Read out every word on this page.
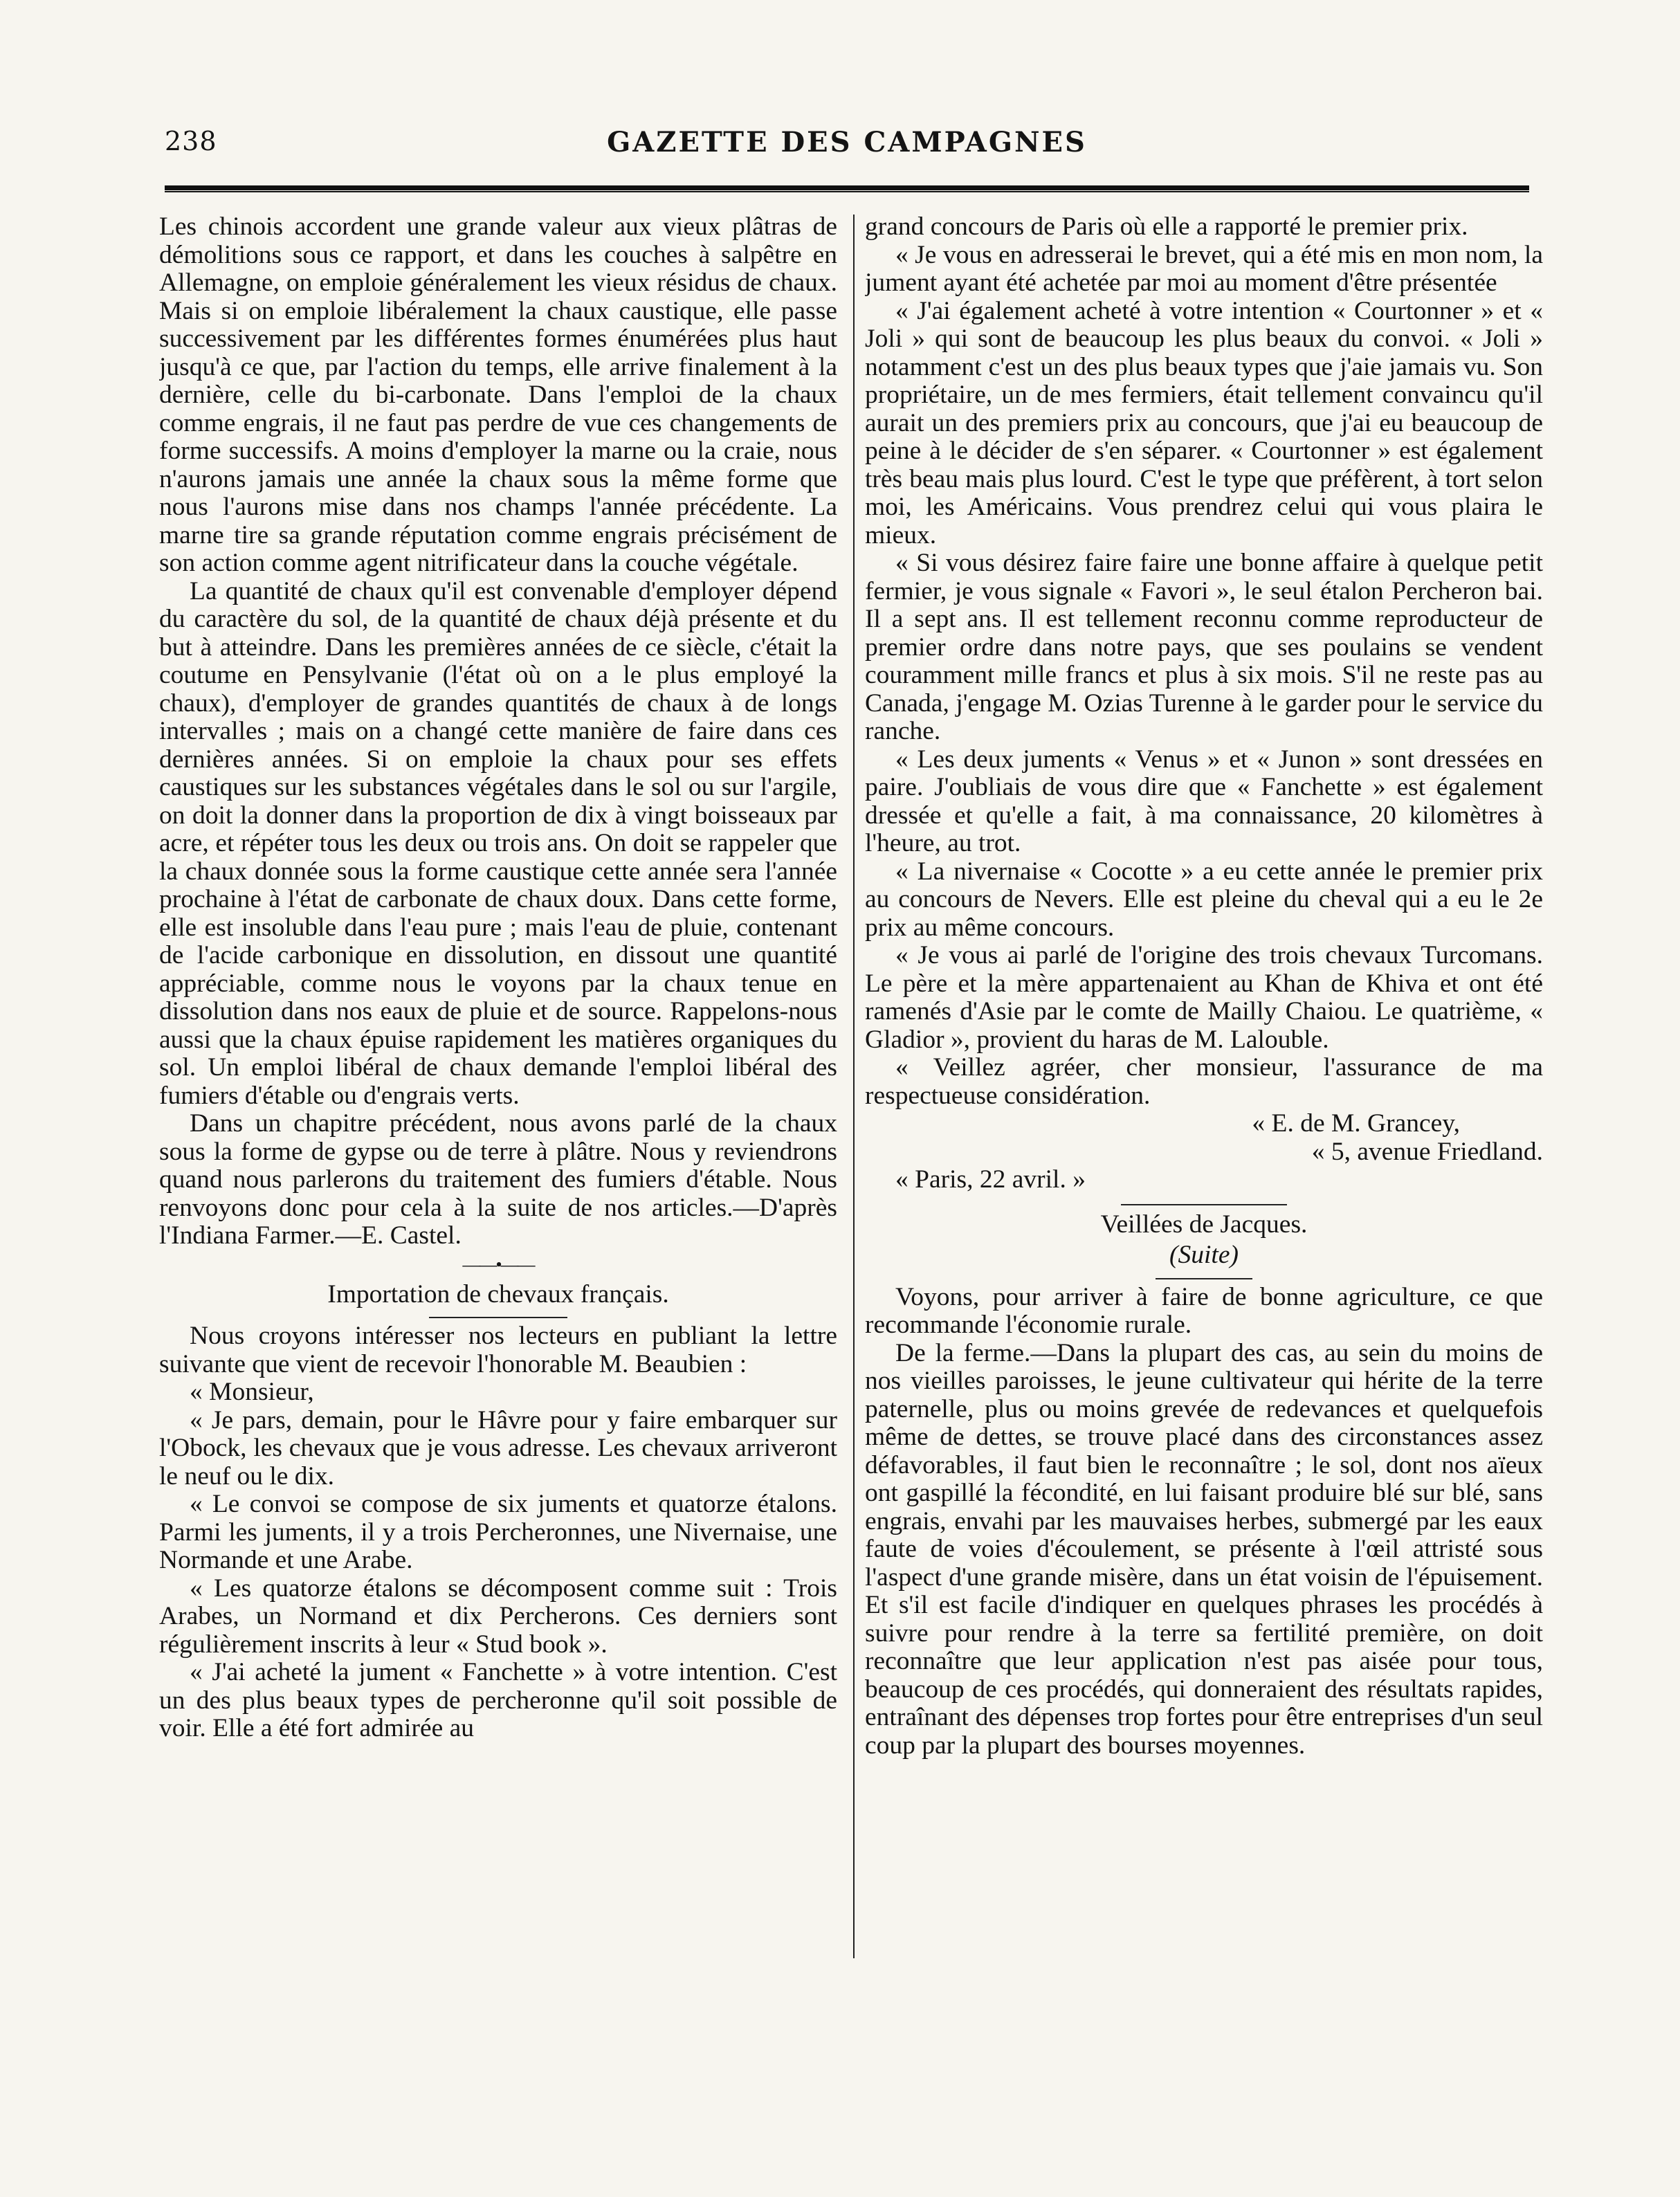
238	GAZETTE DES CAMPAGNES

Les chinois accordent une grande valeur aux vieux plâtras de démolitions sous ce rapport, et dans les couches à salpêtre en Allemagne, on emploie généralement les vieux résidus de chaux. Mais si on emploie libéralement la chaux caustique, elle passe successivement par les différentes formes énumérées plus haut jusqu'à ce que, par l'action du temps, elle arrive finalement à la dernière, celle du bi-carbonate. Dans l'emploi de la chaux comme engrais, il ne faut pas perdre de vue ces changements de forme successifs. A moins d'employer la marne ou la craie, nous n'aurons jamais une année la chaux sous la même forme que nous l'aurons mise dans nos champs l'année précédente. La marne tire sa grande réputation comme engrais précisément de son action comme agent nitrificateur dans la couche végétale.

La quantité de chaux qu'il est convenable d'employer dépend du caractère du sol, de la quantité de chaux déjà présente et du but à atteindre. Dans les premières années de ce siècle, c'était la coutume en Pensylvanie (l'état où on a le plus employé la chaux), d'employer de grandes quantités de chaux à de longs intervalles ; mais on a changé cette manière de faire dans ces dernières années. Si on emploie la chaux pour ses effets caustiques sur les substances végétales dans le sol ou sur l'argile, on doit la donner dans la proportion de dix à vingt boisseaux par acre, et répéter tous les deux ou trois ans. On doit se rappeler que la chaux donnée sous la forme caustique cette année sera l'année prochaine à l'état de carbonate de chaux doux. Dans cette forme, elle est insoluble dans l'eau pure ; mais l'eau de pluie, contenant de l'acide carbonique en dissolution, en dissout une quantité appréciable, comme nous le voyons par la chaux tenue en dissolution dans nos eaux de pluie et de source. Rappelons-nous aussi que la chaux épuise rapidement les matières organiques du sol. Un emploi libéral de chaux demande l'emploi libéral des fumiers d'étable ou d'engrais verts.

Dans un chapitre précédent, nous avons parlé de la chaux sous la forme de gypse ou de terre à plâtre. Nous y reviendrons quand nous parlerons du traitement des fumiers d'étable. Nous renvoyons donc pour cela à la suite de nos articles.—D'après l'Indiana Farmer.—E. Castel.

——•——
Importation de chevaux français.

Nous croyons intéresser nos lecteurs en publiant la lettre suivante que vient de recevoir l'honorable M. Beaubien :

« Monsieur,

« Je pars, demain, pour le Hâvre pour y faire embarquer sur l'Obock, les chevaux que je vous adresse. Les chevaux arriveront le neuf ou le dix.

« Le convoi se compose de six juments et quatorze étalons. Parmi les juments, il y a trois Percheronnes, une Nivernaise, une Normande et une Arabe.

« Les quatorze étalons se décomposent comme suit : Trois Arabes, un Normand et dix Percherons. Ces derniers sont régulièrement inscrits à leur « Stud book ».

« J'ai acheté la jument « Fanchette » à votre intention. C'est un des plus beaux types de percheronne qu'il soit possible de voir. Elle a été fort admirée au

grand concours de Paris où elle a rapporté le premier prix.

« Je vous en adresserai le brevet, qui a été mis en mon nom, la jument ayant été achetée par moi au moment d'être présentée

« J'ai également acheté à votre intention « Courtonner » et « Joli » qui sont de beaucoup les plus beaux du convoi. « Joli » notamment c'est un des plus beaux types que j'aie jamais vu. Son propriétaire, un de mes fermiers, était tellement convaincu qu'il aurait un des premiers prix au concours, que j'ai eu beaucoup de peine à le décider de s'en séparer. « Courtonner » est également très beau mais plus lourd. C'est le type que préfèrent, à tort selon moi, les Américains. Vous prendrez celui qui vous plaira le mieux.

« Si vous désirez faire faire une bonne affaire à quelque petit fermier, je vous signale « Favori », le seul étalon Percheron bai. Il a sept ans. Il est tellement reconnu comme reproducteur de premier ordre dans notre pays, que ses poulains se vendent couramment mille francs et plus à six mois. S'il ne reste pas au Canada, j'engage M. Ozias Turenne à le garder pour le service du ranche.

« Les deux juments « Venus » et « Junon » sont dressées en paire. J'oubliais de vous dire que « Fanchette » est également dressée et qu'elle a fait, à ma connaissance, 20 kilomètres à l'heure, au trot.

« La nivernaise « Cocotte » a eu cette année le premier prix au concours de Nevers. Elle est pleine du cheval qui a eu le 2e prix au même concours.

« Je vous ai parlé de l'origine des trois chevaux Turcomans. Le père et la mère appartenaient au Khan de Khiva et ont été ramenés d'Asie par le comte de Mailly Chaiou. Le quatrième, « Gladior », provient du haras de M. Lalouble.

« Veillez agréer, cher monsieur, l'assurance de ma respectueuse considération.

« E. de M. Grancey,

« 5, avenue Friedland.

« Paris, 22 avril. »

Veillées de Jacques.
(Suite)

Voyons, pour arriver à faire de bonne agriculture, ce que recommande l'économie rurale.

De la ferme.—Dans la plupart des cas, au sein du moins de nos vieilles paroisses, le jeune cultivateur qui hérite de la terre paternelle, plus ou moins grevée de redevances et quelquefois même de dettes, se trouve placé dans des circonstances assez défavorables, il faut bien le reconnaître ; le sol, dont nos aïeux ont gaspillé la fécondité, en lui faisant produire blé sur blé, sans engrais, envahi par les mauvaises herbes, submergé par les eaux faute de voies d'écoulement, se présente à l'œil attristé sous l'aspect d'une grande misère, dans un état voisin de l'épuisement. Et s'il est facile d'indiquer en quelques phrases les procédés à suivre pour rendre à la terre sa fertilité première, on doit reconnaître que leur application n'est pas aisée pour tous, beaucoup de ces procédés, qui donneraient des résultats rapides, entraînant des dépenses trop fortes pour être entreprises d'un seul coup par la plupart des bourses moyennes.
